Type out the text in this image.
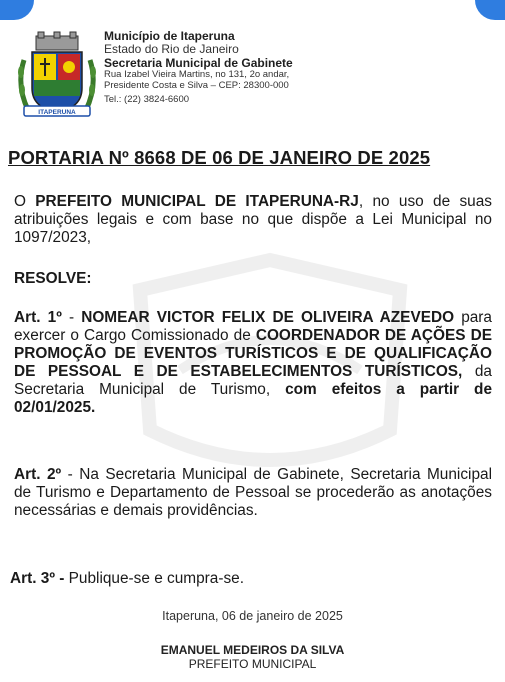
ITAPERUNA
Município de Itaperuna
Estado do Rio de Janeiro
Secretaria Municipal de Gabinete
Rua Izabel Vieira Martins, no 131, 2o andar,
Presidente Costa e Silva – CEP: 28300-000
Tel.: (22) 3824-6600
PORTARIA Nº 8668 DE 06 DE JANEIRO DE 2025
O PREFEITO MUNICIPAL DE ITAPERUNA-RJ, no uso de suas atribuições legais e com base no que dispõe a Lei Municipal no 1097/2023,
RESOLVE:
Art. 1º - NOMEAR VICTOR FELIX DE OLIVEIRA AZEVEDO para exercer o Cargo Comissionado de COORDENADOR DE AÇÕES DE PROMOÇÃO DE EVENTOS TURÍSTICOS E DE QUALIFICAÇÃO DE PESSOAL E DE ESTABELECIMENTOS TURÍSTICOS, da Secretaria Municipal de Turismo, com efeitos a partir de 02/01/2025.
Art. 2º - Na Secretaria Municipal de Gabinete, Secretaria Municipal de Turismo e Departamento de Pessoal se procederão as anotações necessárias e demais providências.
Art. 3º - Publique-se e cumpra-se.
Itaperuna, 06 de janeiro de 2025
EMANUEL MEDEIROS DA SILVA
PREFEITO MUNICIPAL
